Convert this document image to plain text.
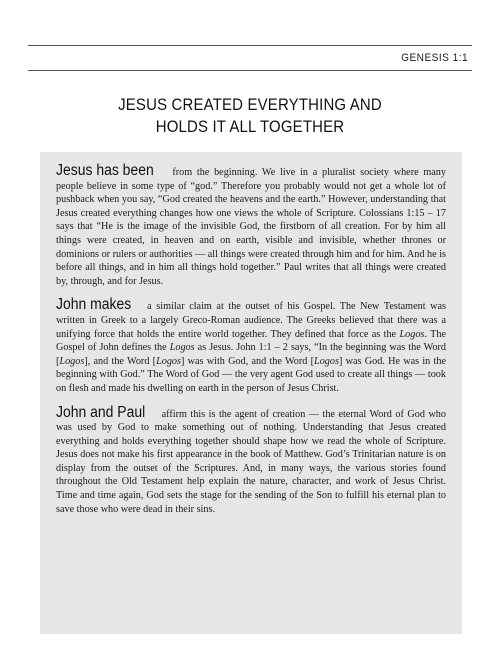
GENESIS 1:1
JESUS CREATED EVERYTHING AND
HOLDS IT ALL TOGETHER

Jesus has been from the beginning. We live in a pluralist society where many people believe in some type of “god.” Therefore you probably would not get a whole lot of pushback when you say, “God created the heavens and the earth.” However, understanding that Jesus created everything changes how one views the whole of Scripture. Colossians 1:15 – 17 says that “He is the image of the invisible God, the firstborn of all creation. For by him all things were created, in heaven and on earth, visible and invisible, whether thrones or dominions or rulers or authorities — all things were created through him and for him. And he is before all things, and in him all things hold together.” Paul writes that all things were created by, through, and for Jesus.

John makes a similar claim at the outset of his Gospel. The New Testament was written in Greek to a largely Greco-Roman audience. The Greeks believed that there was a unifying force that holds the entire world together. They defined that force as the Logos. The Gospel of John defines the Logos as Jesus. John 1:1 – 2 says, “In the beginning was the Word [Logos], and the Word [Logos] was with God, and the Word [Logos] was God. He was in the beginning with God.” The Word of God — the very agent God used to create all things — took on flesh and made his dwelling on earth in the person of Jesus Christ.

John and Paul affirm this is the agent of creation — the eternal Word of God who was used by God to make something out of nothing. Understanding that Jesus created everything and holds everything together should shape how we read the whole of Scripture. Jesus does not make his first appearance in the book of Matthew. God’s Trinitarian nature is on display from the outset of the Scriptures. And, in many ways, the various stories found throughout the Old Testament help explain the nature, character, and work of Jesus Christ. Time and time again, God sets the stage for the sending of the Son to fulfill his eternal plan to save those who were dead in their sins.
